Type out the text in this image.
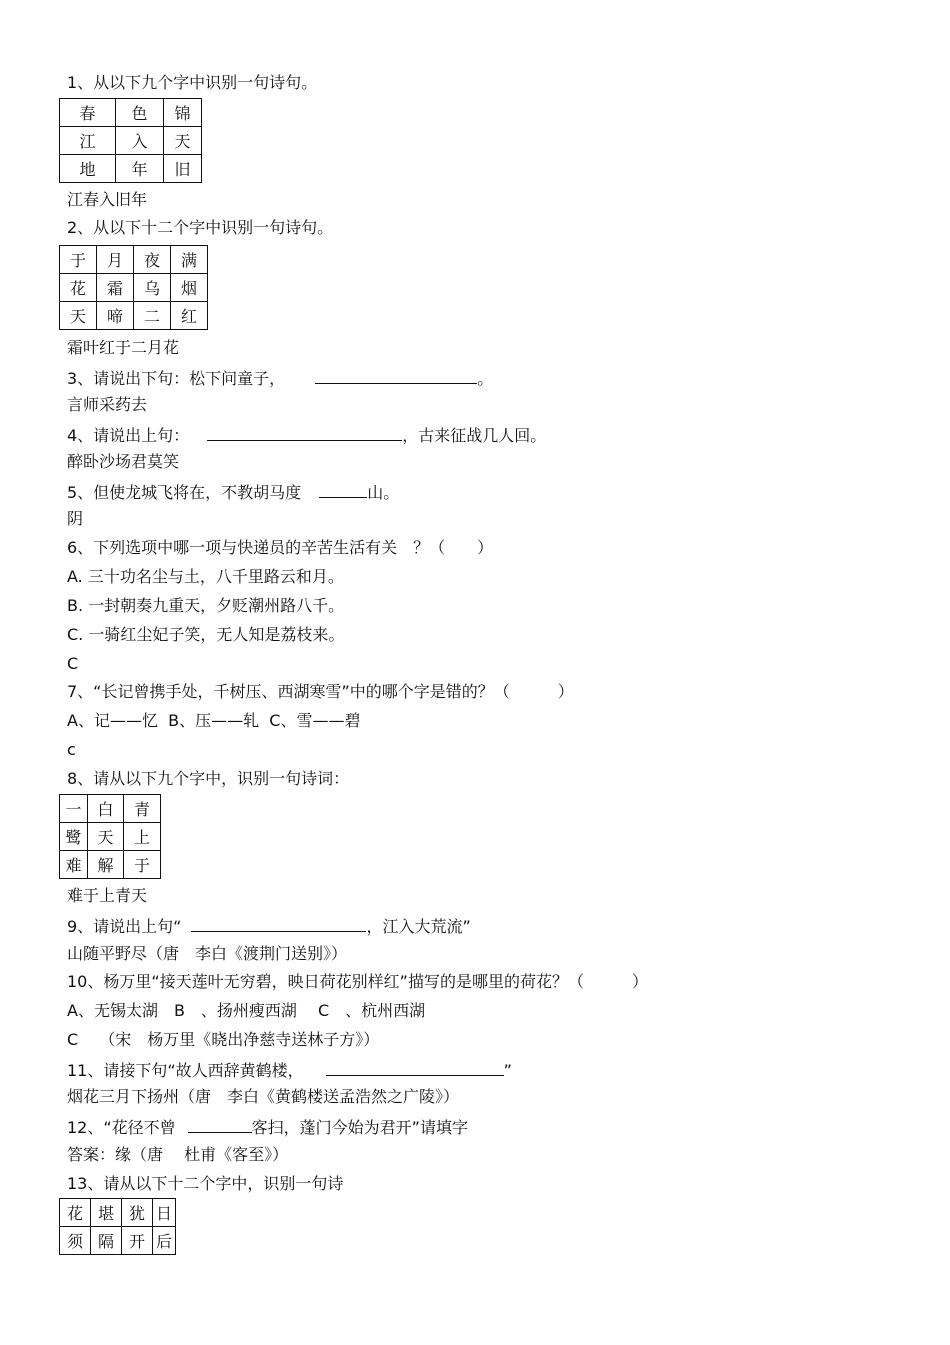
1、从以下九个字中识别一句诗句。
春	色	锦
江	入	天
地	年	旧
江春入旧年
2、从以下十二个字中识别一句诗句。
于	月	夜	满
花	霜	乌	烟
天	啼	二	红
霜叶红于二月花
3、请说出下句：松下问童子，	。
言师采药去
4、请说出上句：	，古来征战几人回。
醉卧沙场君莫笑
5、但使龙城飞将在，不教胡马度	山。
阴
6、下列选项中哪一项与快递员的辛苦生活有关　？（　　）
A. 三十功名尘与土，八千里路云和月。
B. 一封朝奏九重天，夕贬潮州路八千。
C. 一骑红尘妃子笑，无人知是荔枝来。
C
7、“长记曾携手处，千树压、西湖寒雪”中的哪个字是错的？（　　　）
A、记——忆  B、压——轧  C、雪——碧
c
8、请从以下九个字中，识别一句诗词：
一	白	青
鹭	天	上
难	解	于
难于上青天
9、请说出上句“	，江入大荒流”
山随平野尽（唐　李白《渡荆门送别》）
10、杨万里“接天莲叶无穷碧，映日荷花别样红”描写的是哪里的荷花？（　　　）
A、无锡太湖　B　、扬州瘦西湖　 C　、杭州西湖
C　 （宋　杨万里《晓出净慈寺送林子方》）
11、请接下句“故人西辞黄鹤楼，	”
烟花三月下扬州（唐　李白《黄鹤楼送孟浩然之广陵》）
12、“花径不曾	客扫，蓬门今始为君开”请填字
答案：缘（唐　 杜甫《客至》）
13、请从以下十二个字中，识别一句诗
花	堪	犹	日
须	隔	开	后
